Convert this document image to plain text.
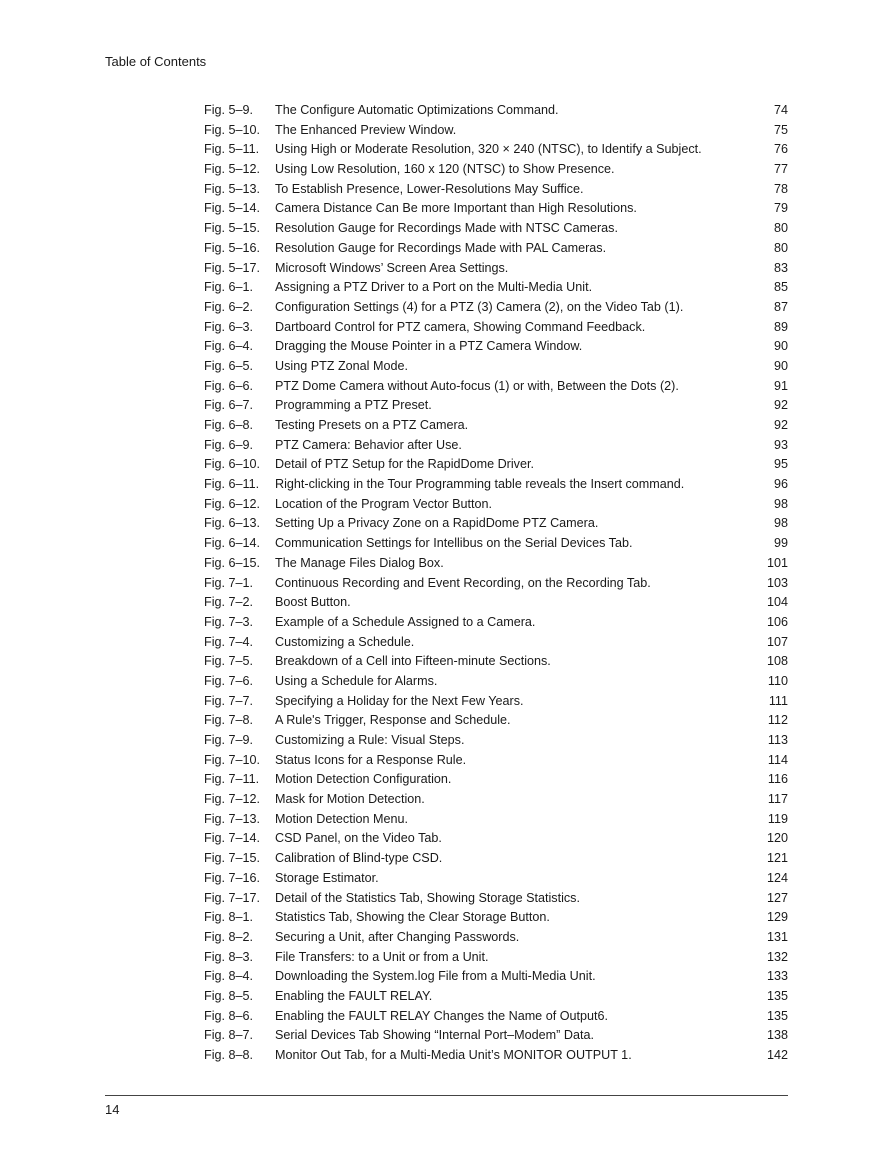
Table of Contents
Fig. 5–9.	The Configure Automatic Optimizations Command.	74
Fig. 5–10.	The Enhanced Preview Window.	75
Fig. 5–11.	Using High or Moderate Resolution, 320 × 240 (NTSC), to Identify a Subject.	76
Fig. 5–12.	Using Low Resolution, 160 x 120 (NTSC) to Show Presence.	77
Fig. 5–13.	To Establish Presence, Lower-Resolutions May Suffice.	78
Fig. 5–14.	Camera Distance Can Be more Important than High Resolutions.	79
Fig. 5–15.	Resolution Gauge for Recordings Made with NTSC Cameras.	80
Fig. 5–16.	Resolution Gauge for Recordings Made with PAL Cameras.	80
Fig. 5–17.	Microsoft Windows’ Screen Area Settings.	83
Fig. 6–1.	Assigning a PTZ Driver to a Port on the Multi-Media Unit.	85
Fig. 6–2.	Configuration Settings (4) for a PTZ (3) Camera (2), on the Video Tab (1).	87
Fig. 6–3.	Dartboard Control for PTZ camera, Showing Command Feedback.	89
Fig. 6–4.	Dragging the Mouse Pointer in a PTZ Camera Window.	90
Fig. 6–5.	Using PTZ Zonal Mode.	90
Fig. 6–6.	PTZ Dome Camera without Auto-focus (1) or with, Between the Dots (2).	91
Fig. 6–7.	Programming a PTZ Preset.	92
Fig. 6–8.	Testing Presets on a PTZ Camera.	92
Fig. 6–9.	PTZ Camera: Behavior after Use.	93
Fig. 6–10.	Detail of PTZ Setup for the RapidDome Driver.	95
Fig. 6–11.	Right-clicking in the Tour Programming table reveals the Insert command.	96
Fig. 6–12.	Location of the Program Vector Button.	98
Fig. 6–13.	Setting Up a Privacy Zone on a RapidDome PTZ Camera.	98
Fig. 6–14.	Communication Settings for Intellibus on the Serial Devices Tab.	99
Fig. 6–15.	The Manage Files Dialog Box.	101
Fig. 7–1.	Continuous Recording and Event Recording, on the Recording Tab.	103
Fig. 7–2.	Boost Button.	104
Fig. 7–3.	Example of a Schedule Assigned to a Camera.	106
Fig. 7–4.	Customizing a Schedule.	107
Fig. 7–5.	Breakdown of a Cell into Fifteen-minute Sections.	108
Fig. 7–6.	Using a Schedule for Alarms.	110
Fig. 7–7.	Specifying a Holiday for the Next Few Years.	111
Fig. 7–8.	A Rule's Trigger, Response and Schedule.	112
Fig. 7–9.	Customizing a Rule: Visual Steps.	113
Fig. 7–10.	Status Icons for a Response Rule.	114
Fig. 7–11.	Motion Detection Configuration.	116
Fig. 7–12.	Mask for Motion Detection.	117
Fig. 7–13.	Motion Detection Menu.	119
Fig. 7–14.	CSD Panel, on the Video Tab.	120
Fig. 7–15.	Calibration of Blind-type CSD.	121
Fig. 7–16.	Storage Estimator.	124
Fig. 7–17.	Detail of the Statistics Tab, Showing Storage Statistics.	127
Fig. 8–1.	Statistics Tab, Showing the Clear Storage Button.	129
Fig. 8–2.	Securing a Unit, after Changing Passwords.	131
Fig. 8–3.	File Transfers: to a Unit or from a Unit.	132
Fig. 8–4.	Downloading the System.log File from a Multi-Media Unit.	133
Fig. 8–5.	Enabling the FAULT RELAY.	135
Fig. 8–6.	Enabling the FAULT RELAY Changes the Name of Output6.	135
Fig. 8–7.	Serial Devices Tab Showing “Internal Port–Modem” Data.	138
Fig. 8–8.	Monitor Out Tab, for a Multi-Media Unit’s MONITOR OUTPUT 1.	142
14
